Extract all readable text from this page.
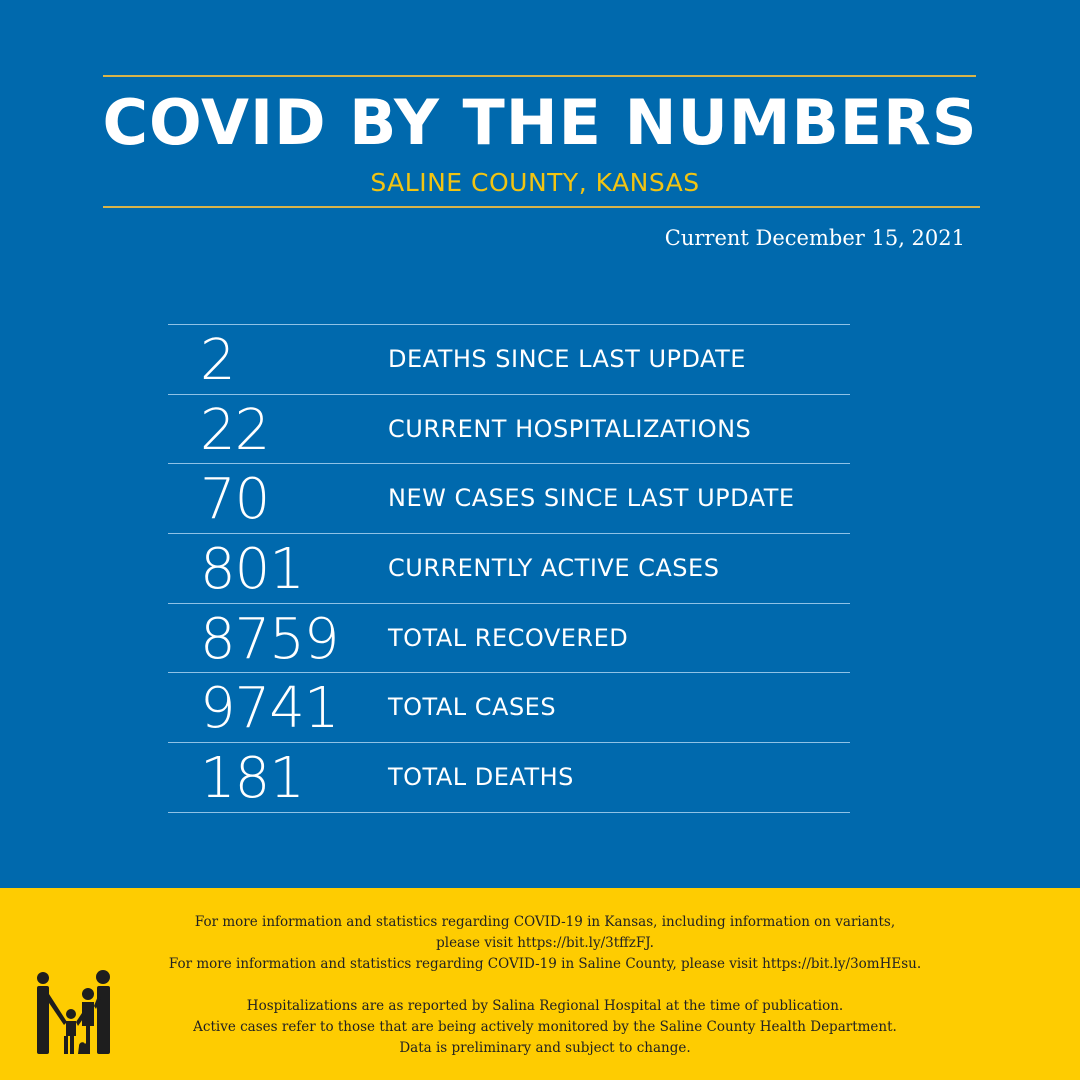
COVID BY THE NUMBERS
SALINE COUNTY, KANSAS
Current December 15, 2021
2	DEATHS SINCE LAST UPDATE
22	CURRENT HOSPITALIZATIONS
70	NEW CASES SINCE LAST UPDATE
801	CURRENTLY ACTIVE CASES
8759 TOTAL RECOVERED
9741 TOTAL CASES
181	TOTAL DEATHS
For more information and statistics regarding COVID-19 in Kansas, including information on variants,
please visit https://bit.ly/3tffzFJ.
For more information and statistics regarding COVID-19 in Saline County, please visit https://bit.ly/3omHEsu.
Hospitalizations are as reported by Salina Regional Hospital at the time of publication.
Active cases refer to those that are being actively monitored by the Saline County Health Department.
Data is preliminary and subject to change.
